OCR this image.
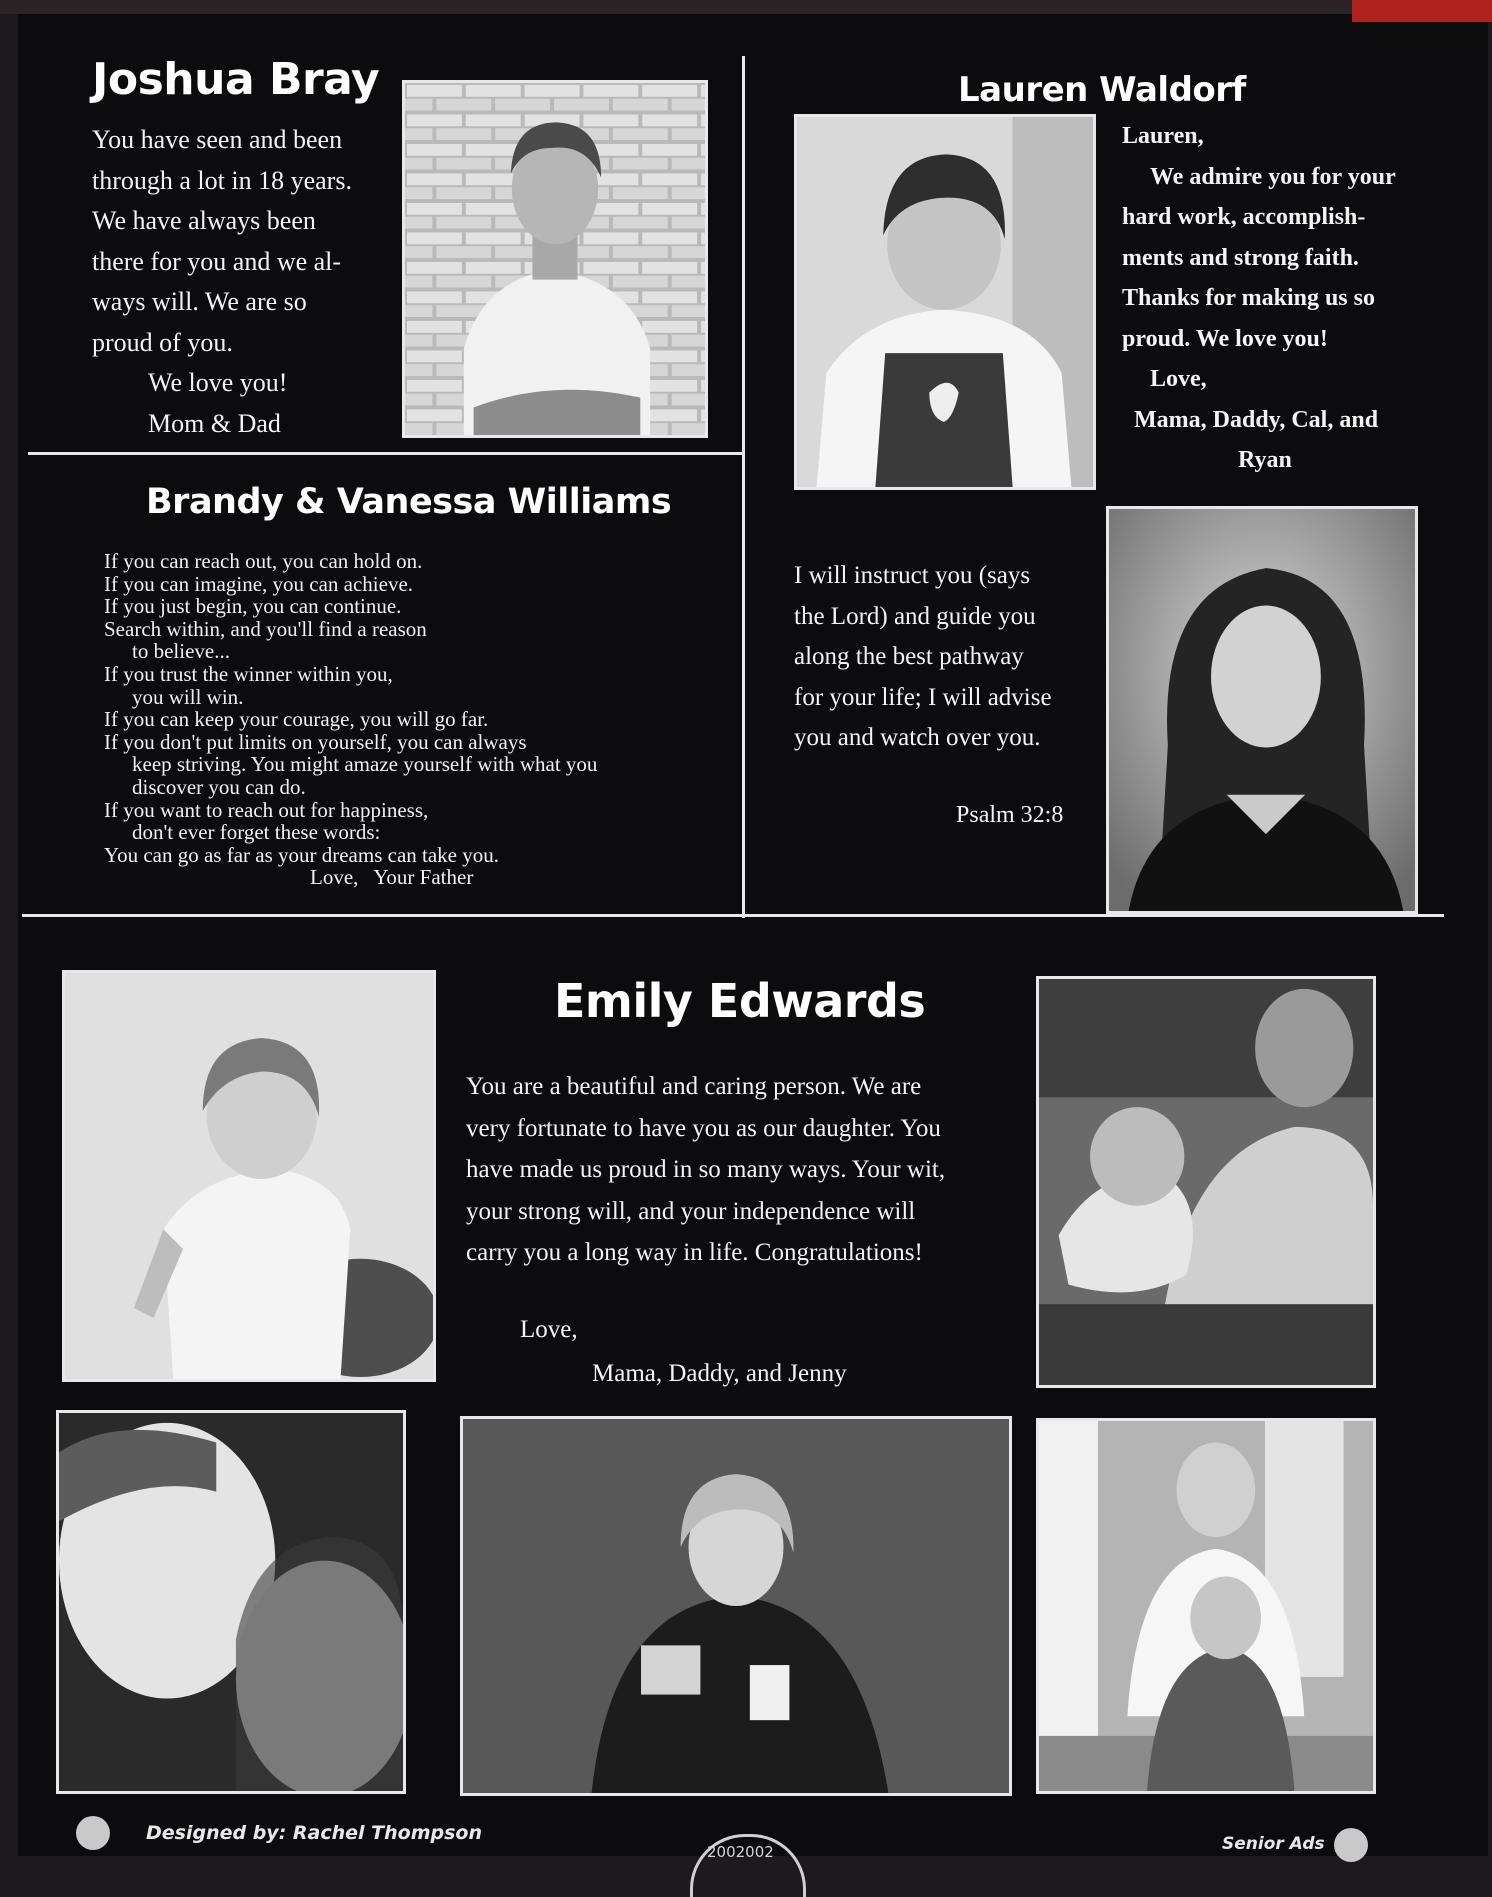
Joshua Bray
You have seen and been
through a lot in 18 years.
We have always been
there for you and we al-
ways will. We are so
proud of you.
We love you!
Mom & Dad
Lauren Waldorf
Lauren,
We admire you for your
hard work, accomplish-
ments and strong faith.
Thanks for making us so
proud. We love you!
Love,
Mama, Daddy, Cal, and
Ryan
I will instruct you (says
the Lord) and guide you
along the best pathway
for your life; I will advise
you and watch over you.
Psalm 32:8
Brandy & Vanessa Williams
If you can reach out, you can hold on.
If you can imagine, you can achieve.
If you just begin, you can continue.
Search within, and you'll find a reason
to believe...
If you trust the winner within you,
you will win.
If you can keep your courage, you will go far.
If you don't put limits on yourself, you can always
keep striving. You might amaze yourself with what you
discover you can do.
If you want to reach out for happiness,
don't ever forget these words:
You can go as far as your dreams can take you.
Love,   Your Father
Emily Edwards
You are a beautiful and caring person. We are
very fortunate to have you as our daughter. You
have made us proud in so many ways. Your wit,
your strong will, and your independence will
carry you a long way in life. Congratulations!
Love,
Mama, Daddy, and Jenny
Designed by: Rachel Thompson	Senior Ads
2002002
